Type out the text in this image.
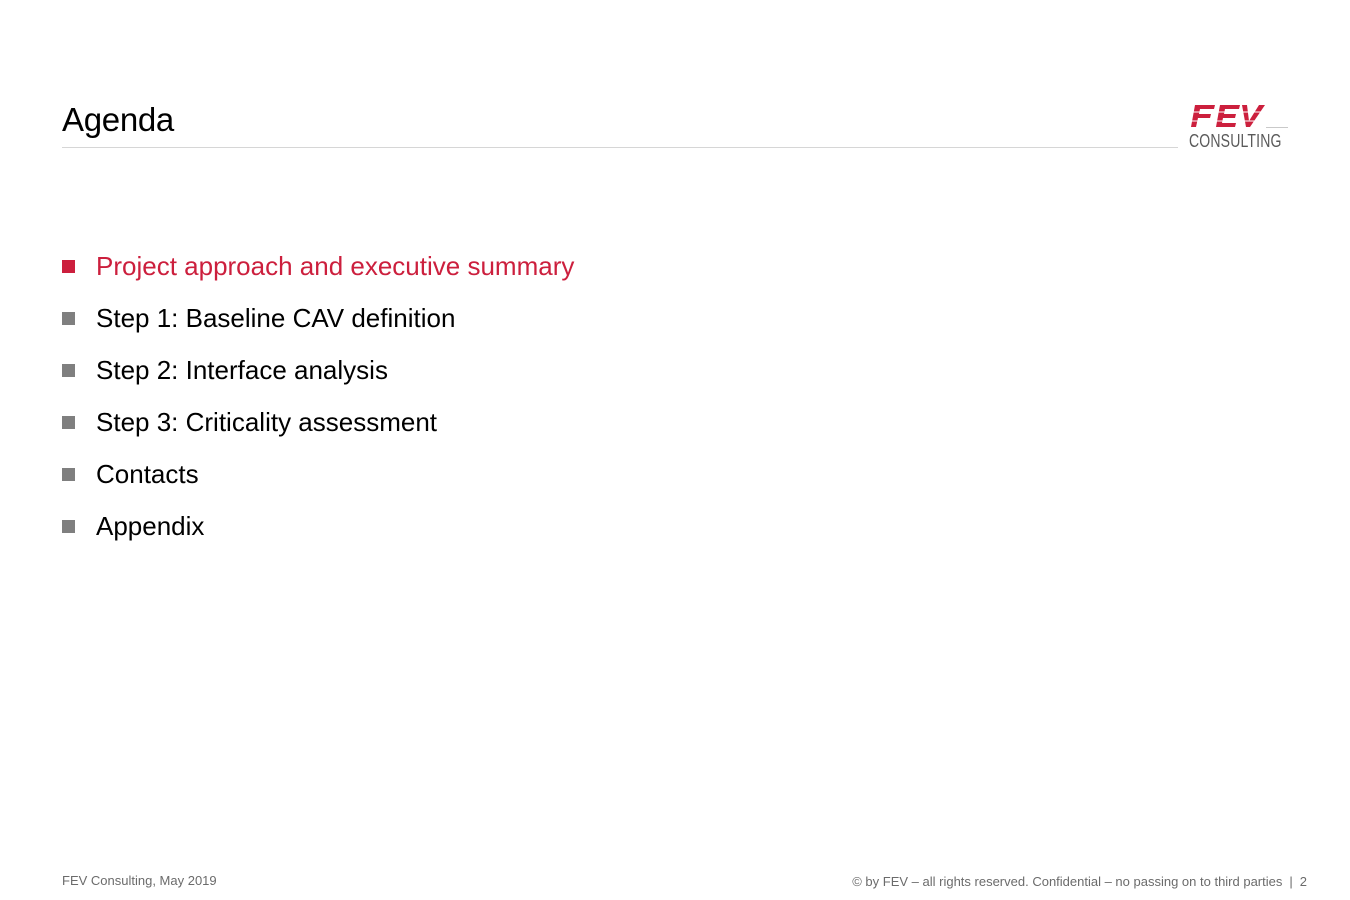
Agenda
CONSULTING
Project approach and executive summary
Step 1: Baseline CAV definition
Step 2: Interface analysis
Step 3: Criticality assessment
Contacts
Appendix
FEV Consulting, May 2019	© by FEV – all rights reserved. Confidential – no passing on to third parties | 2
